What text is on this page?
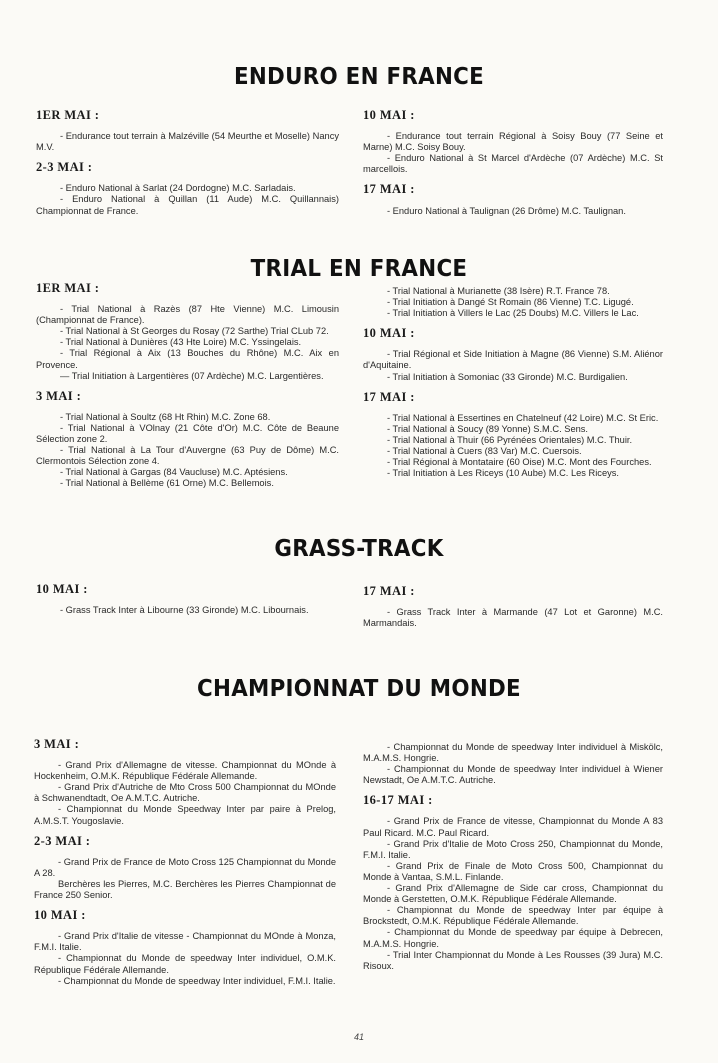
ENDURO EN FRANCE
1ER MAI :
- Endurance tout terrain à Malzéville (54 Meurthe et Moselle) Nancy M.V.
2-3 MAI :
- Enduro National à Sarlat (24 Dordogne) M.C. Sarladais.
- Enduro National à Quillan (11 Aude) M.C. Quillannais) Championnat de France.
10 MAI :
- Endurance tout terrain Régional à Soisy Bouy (77 Seine et Marne) M.C. Soisy Bouy.
- Enduro National à St Marcel d'Ardèche (07 Ardèche) M.C. St marcellois.
17 MAI :
- Enduro National à Taulignan (26 Drôme) M.C. Taulignan.
TRIAL EN FRANCE
1ER MAI :
- Trial National à Razès (87 Hte Vienne) M.C. Limousin (Championnat de France).
- Trial National à St Georges du Rosay (72 Sarthe) Trial CLub 72.
- Trial National à Dunières (43 Hte Loire) M.C. Yssingelais.
- Trial Régional à Aix (13 Bouches du Rhône) M.C. Aix en Provence.
— Trial Initiation à Largentières (07 Ardèche) M.C. Largentières.
3 MAI :
- Trial National à Soultz (68 Ht Rhin) M.C. Zone 68.
- Trial National à VOlnay (21 Côte d'Or) M.C. Côte de Beaune Sélection zone 2.
- Trial National à La Tour d'Auvergne (63 Puy de Dôme) M.C. Clermontois Sélection zone 4.
- Trial National à Gargas (84 Vaucluse) M.C. Aptésiens.
- Trial National à Bellème (61 Orne) M.C. Bellemois.
- Trial National à Murianette (38 Isère) R.T. France 78.
- Trial Initiation à Dangé St Romain (86 Vienne) T.C. Ligugé.
- Trial Initiation à Villers le Lac (25 Doubs) M.C. Villers le Lac.
10 MAI :
- Trial Régional et Side Initiation à Magne (86 Vienne) S.M. Aliénor d'Aquitaine.
- Trial Initiation à Somoniac (33 Gironde) M.C. Burdigalien.
17 MAI :
- Trial National à Essertines en Chatelneuf (42 Loire) M.C. St Eric.
- Trial National à Soucy (89 Yonne) S.M.C. Sens.
- Trial National à Thuir (66 Pyrénées Orientales) M.C. Thuir.
- Trial National à Cuers (83 Var) M.C. Cuersois.
- Trial Régional à Montataire (60 Oise) M.C. Mont des Fourches.
- Trial Initiation à Les Riceys (10 Aube) M.C. Les Riceys.
GRASS-TRACK
10 MAI :
- Grass Track Inter à Libourne (33 Gironde) M.C. Libournais.
17 MAI :
- Grass Track Inter à Marmande (47 Lot et Garonne) M.C. Marmandais.
CHAMPIONNAT DU MONDE
3 MAI :
- Grand Prix d'Allemagne de vitesse. Championnat du MOnde à Hockenheim, O.M.K. République Fédérale Allemande.
- Grand Prix d'Autriche de Mto Cross 500 Championnat du MOnde à Schwanendtadt, Oe A.M.T.C. Autriche.
- Championnat du Monde Speedway Inter par paire à Prelog, A.M.S.T. Yougoslavie.
2-3 MAI :
- Grand Prix de France de Moto Cross 125 Championnat du Monde A 28.
Berchères les Pierres, M.C. Berchères les Pierres Championnat de France 250 Senior.
10 MAI :
- Grand Prix d'Italie de vitesse - Championnat du MOnde à Monza, F.M.I. Italie.
- Championnat du Monde de speedway Inter individuel, O.M.K. République Fédérale Allemande.
- Championnat du Monde de speedway Inter individuel, F.M.I. Italie.
- Championnat du Monde de speedway Inter individuel à Miskölc, M.A.M.S. Hongrie.
- Championnat du Monde de speedway Inter individuel à Wiener Newstadt, Oe A.M.T.C. Autriche.
16-17 MAI :
- Grand Prix de France de vitesse, Championnat du Monde A 83 Paul Ricard. M.C. Paul Ricard.
- Grand Prix d'Italie de Moto Cross 250, Championnat du Monde, F.M.I. Italie.
- Grand Prix de Finale de Moto Cross 500, Championnat du Monde à Vantaa, S.M.L. Finlande.
- Grand Prix d'Allemagne de Side car cross, Championnat du Monde à Gerstetten, O.M.K. République Fédérale Allemande.
- Championnat du Monde de speedway Inter par équipe à Brockstedt, O.M.K. République Fédérale Allemande.
- Championnat du Monde de speedway par équipe à Debrecen, M.A.M.S. Hongrie.
- Trial Inter Championnat du Monde à Les Rousses (39 Jura) M.C. Risoux.
41
